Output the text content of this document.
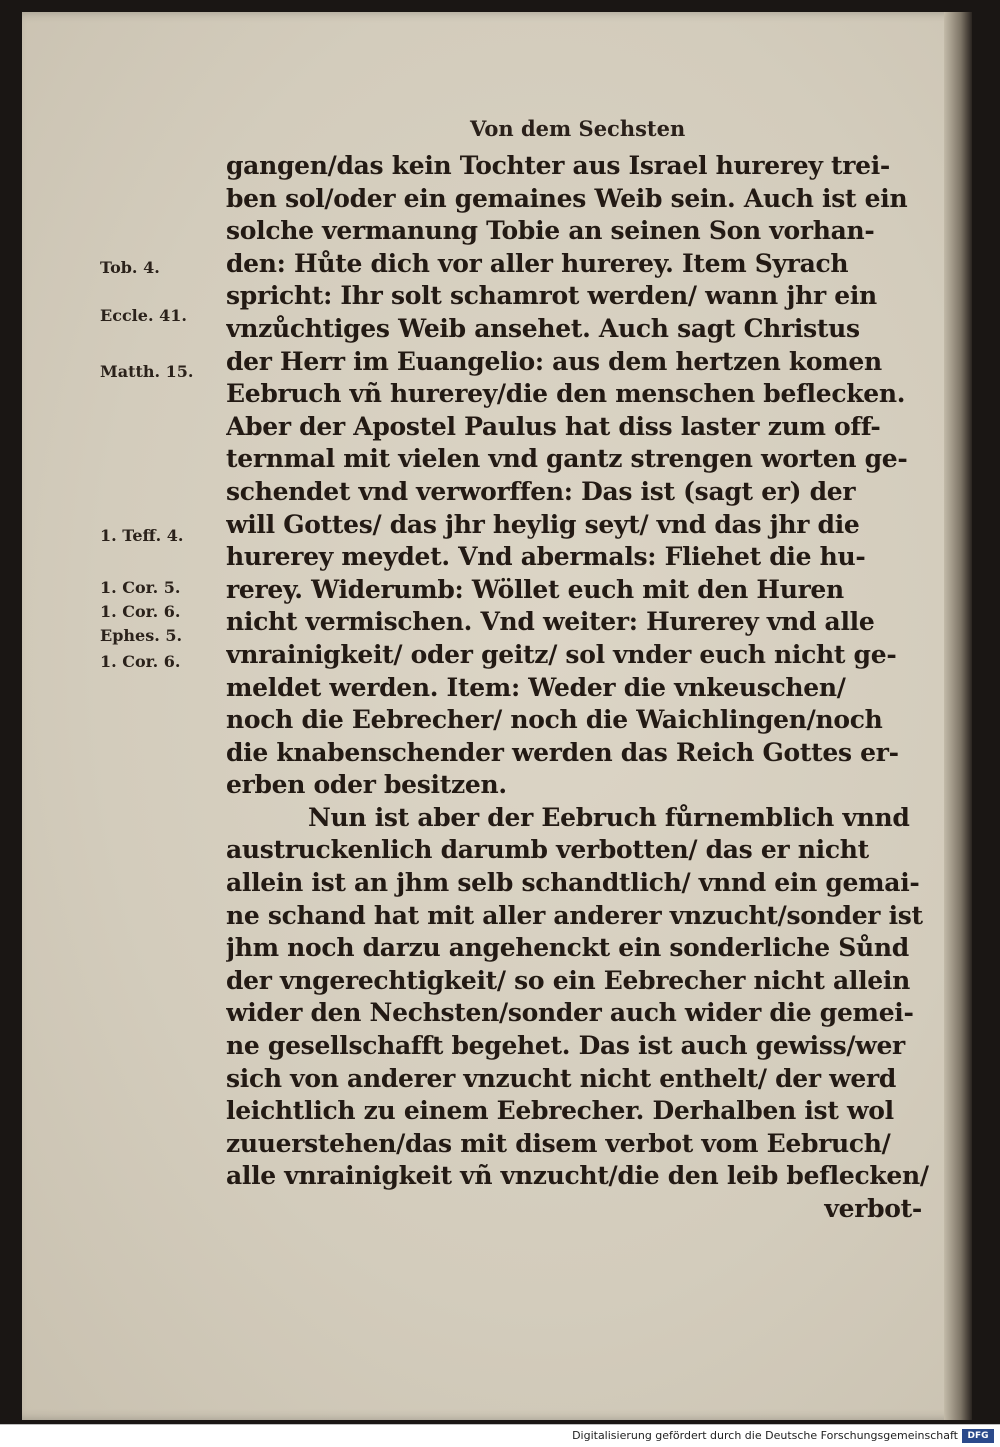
Von dem Sechsten
gangen/das kein Tochter aus Israel hurerey trei-
ben sol/oder ein gemaines Weib sein. Auch ist ein
solche vermanung Tobie an seinen Son vorhan-
den: Hůte dich vor aller hurerey. Item Syrach
spricht: Ihr solt schamrot werden/ wann jhr ein
vnzůchtiges Weib ansehet. Auch sagt Christus
der Herr im Euangelio: aus dem hertzen komen
Eebruch vñ hurerey/die den menschen beflecken.
Aber der Apostel Paulus hat diss laster zum off-
ternmal mit vielen vnd gantz strengen worten ge-
schendet vnd verworffen: Das ist (sagt er) der
will Gottes/ das jhr heylig seyt/ vnd das jhr die
hurerey meydet. Vnd abermals: Fliehet die hu-
rerey. Widerumb: Wöllet euch mit den Huren
nicht vermischen. Vnd weiter: Hurerey vnd alle
vnrainigkeit/ oder geitz/ sol vnder euch nicht ge-
meldet werden. Item: Weder die vnkeuschen/
noch die Eebrecher/ noch die Waichlingen/noch
die knabenschender werden das Reich Gottes er-
erben oder besitzen.
Nun ist aber der Eebruch fůrnemblich vnnd
austruckenlich darumb verbotten/ das er nicht
allein ist an jhm selb schandtlich/ vnnd ein gemai-
ne schand hat mit aller anderer vnzucht/sonder ist
jhm noch darzu angehenckt ein sonderliche Sůnd
der vngerechtigkeit/ so ein Eebrecher nicht allein
wider den Nechsten/sonder auch wider die gemei-
ne gesellschafft begehet. Das ist auch gewiss/wer
sich von anderer vnzucht nicht enthelt/ der werd
leichtlich zu einem Eebrecher. Derhalben ist wol
zuuerstehen/das mit disem verbot vom Eebruch/
alle vnrainigkeit vñ vnzucht/die den leib beflecken/
verbot-
Tob. 4.
Eccle. 41.
Matth. 15.
1. Teff. 4.
1. Cor. 5.
1. Cor. 6.
Ephes. 5.
1. Cor. 6.
Digitalisierung gefördert durch die Deutsche Forschungsgemeinschaft	DFG
